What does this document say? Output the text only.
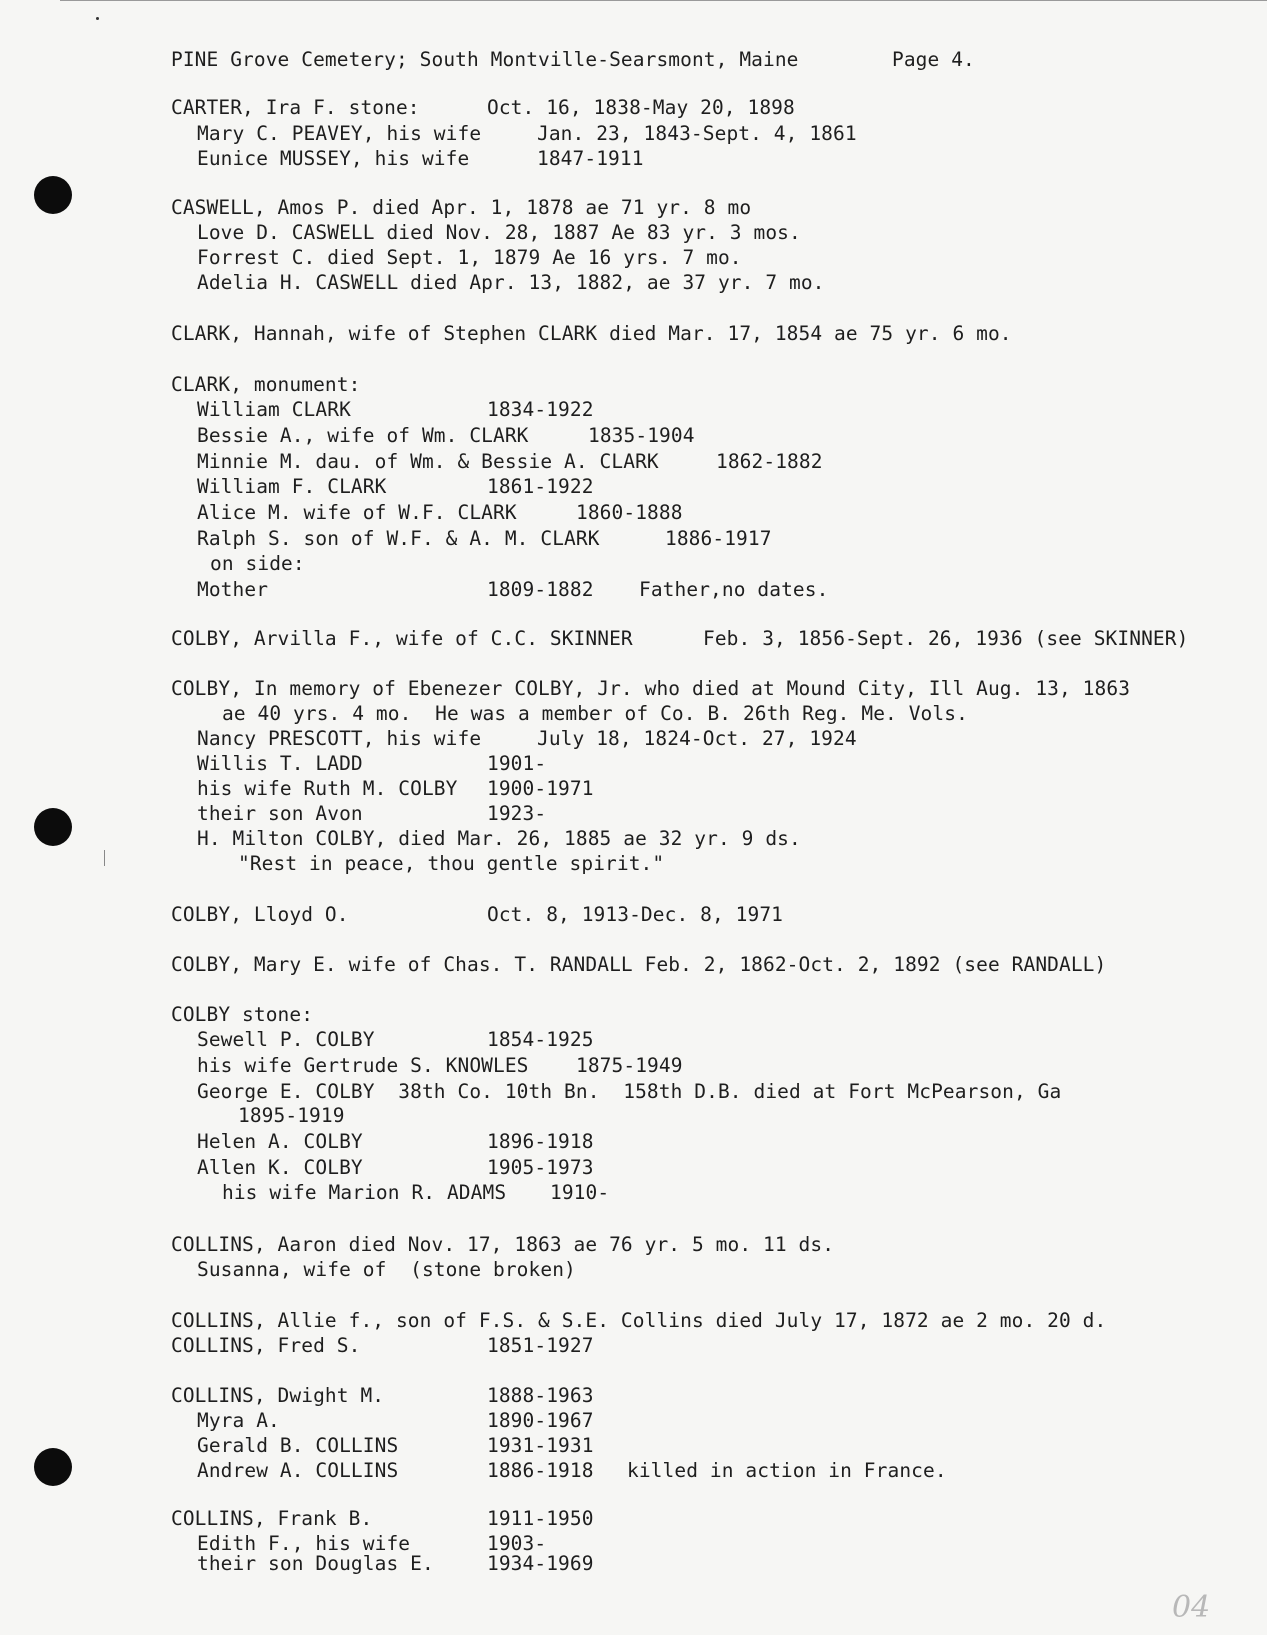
PINE Grove Cemetery; South Montville-Searsmont, Maine	Page 4.
CARTER, Ira F. stone:	Oct. 16, 1838-May 20, 1898
Mary C. PEAVEY, his wife	Jan. 23, 1843-Sept. 4, 1861
Eunice MUSSEY, his wife	1847-1911
CASWELL, Amos P. died Apr. 1, 1878 ae 71 yr. 8 mo
Love D. CASWELL died Nov. 28, 1887 Ae 83 yr. 3 mos.
Forrest C. died Sept. 1, 1879 Ae 16 yrs. 7 mo.
Adelia H. CASWELL died Apr. 13, 1882, ae 37 yr. 7 mo.
CLARK, Hannah, wife of Stephen CLARK died Mar. 17, 1854 ae 75 yr. 6 mo.
CLARK, monument:
William CLARK	1834-1922
Bessie A., wife of Wm. CLARK	1835-1904
Minnie M. dau. of Wm. & Bessie A. CLARK	1862-1882
William F. CLARK	1861-1922
Alice M. wife of W.F. CLARK	1860-1888
Ralph S. son of W.F. & A. M. CLARK	1886-1917
on side:
Mother	1809-1882 Father,no dates.
COLBY, Arvilla F., wife of C.C. SKINNER	Feb. 3, 1856-Sept. 26, 1936 (see SKINNER)
COLBY, In memory of Ebenezer COLBY, Jr. who died at Mound City, Ill Aug. 13, 1863
ae 40 yrs. 4 mo.  He was a member of Co. B. 26th Reg. Me. Vols.
Nancy PRESCOTT, his wife	July 18, 1824-Oct. 27, 1924
Willis T. LADD	1901-
his wife Ruth M. COLBY 1900-1971
their son Avon	1923-
H. Milton COLBY, died Mar. 26, 1885 ae 32 yr. 9 ds.
"Rest in peace, thou gentle spirit."
COLBY, Lloyd O.	Oct. 8, 1913-Dec. 8, 1971
COLBY, Mary E. wife of Chas. T. RANDALL Feb. 2, 1862-Oct. 2, 1892 (see RANDALL)
COLBY stone:
Sewell P. COLBY	1854-1925
his wife Gertrude S. KNOWLES 1875-1949
George E. COLBY  38th Co. 10th Bn.  158th D.B. died at Fort McPearson, Ga
1895-1919
Helen A. COLBY	1896-1918
Allen K. COLBY	1905-1973
his wife Marion R. ADAMS 1910-
COLLINS, Aaron died Nov. 17, 1863 ae 76 yr. 5 mo. 11 ds.
Susanna, wife of  (stone broken)
COLLINS, Allie f., son of F.S. & S.E. Collins died July 17, 1872 ae 2 mo. 20 d.
COLLINS, Fred S.	1851-1927
COLLINS, Dwight M.	1888-1963
Myra A.	1890-1967
Gerald B. COLLINS	1931-1931
Andrew A. COLLINS	1886-1918 killed in action in France.
COLLINS, Frank B.	1911-1950
Edith F., his wife	1903-
their son Douglas E.	1934-1969
04
